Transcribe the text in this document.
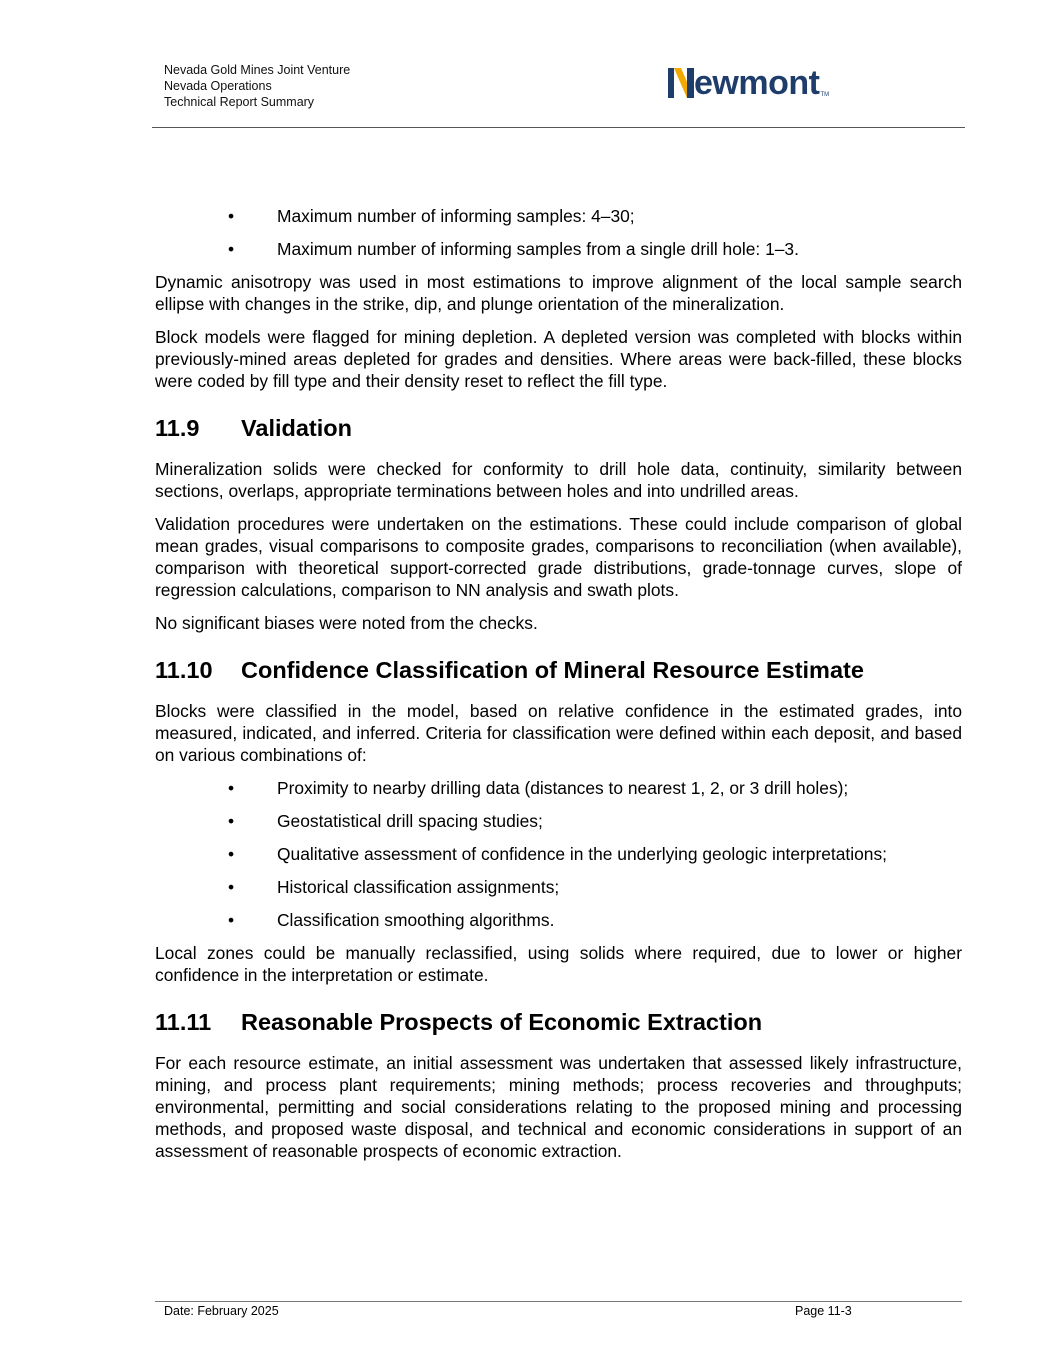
Nevada Gold Mines Joint Venture
Nevada Operations
Technical Report Summary	ewmont TM
• Maximum number of informing samples: 4–30;
• Maximum number of informing samples from a single drill hole: 1–3.

Dynamic anisotropy was used in most estimations to improve alignment of the local sample search ellipse with changes in the strike, dip, and plunge orientation of the mineralization.

Block models were flagged for mining depletion. A depleted version was completed with blocks within previously-mined areas depleted for grades and densities. Where areas were back-filled, these blocks were coded by fill type and their density reset to reflect the fill type.

11.9	Validation

Mineralization solids were checked for conformity to drill hole data, continuity, similarity between sections, overlaps, appropriate terminations between holes and into undrilled areas.

Validation procedures were undertaken on the estimations. These could include comparison of global mean grades, visual comparisons to composite grades, comparisons to reconciliation (when available), comparison with theoretical support-corrected grade distributions, grade-tonnage curves, slope of regression calculations, comparison to NN analysis and swath plots.

No significant biases were noted from the checks.

11.10	Confidence Classification of Mineral Resource Estimate

Blocks were classified in the model, based on relative confidence in the estimated grades, into measured, indicated, and inferred. Criteria for classification were defined within each deposit, and based on various combinations of:

• Proximity to nearby drilling data (distances to nearest 1, 2, or 3 drill holes);
• Geostatistical drill spacing studies;
• Qualitative assessment of confidence in the underlying geologic interpretations;
• Historical classification assignments;
• Classification smoothing algorithms.

Local zones could be manually reclassified, using solids where required, due to lower or higher confidence in the interpretation or estimate.

11.11	Reasonable Prospects of Economic Extraction

For each resource estimate, an initial assessment was undertaken that assessed likely infrastructure, mining, and process plant requirements; mining methods; process recoveries and throughputs; environmental, permitting and social considerations relating to the proposed mining and processing methods, and proposed waste disposal, and technical and economic considerations in support of an assessment of reasonable prospects of economic extraction.

Date: February 2025	Page 11-3
